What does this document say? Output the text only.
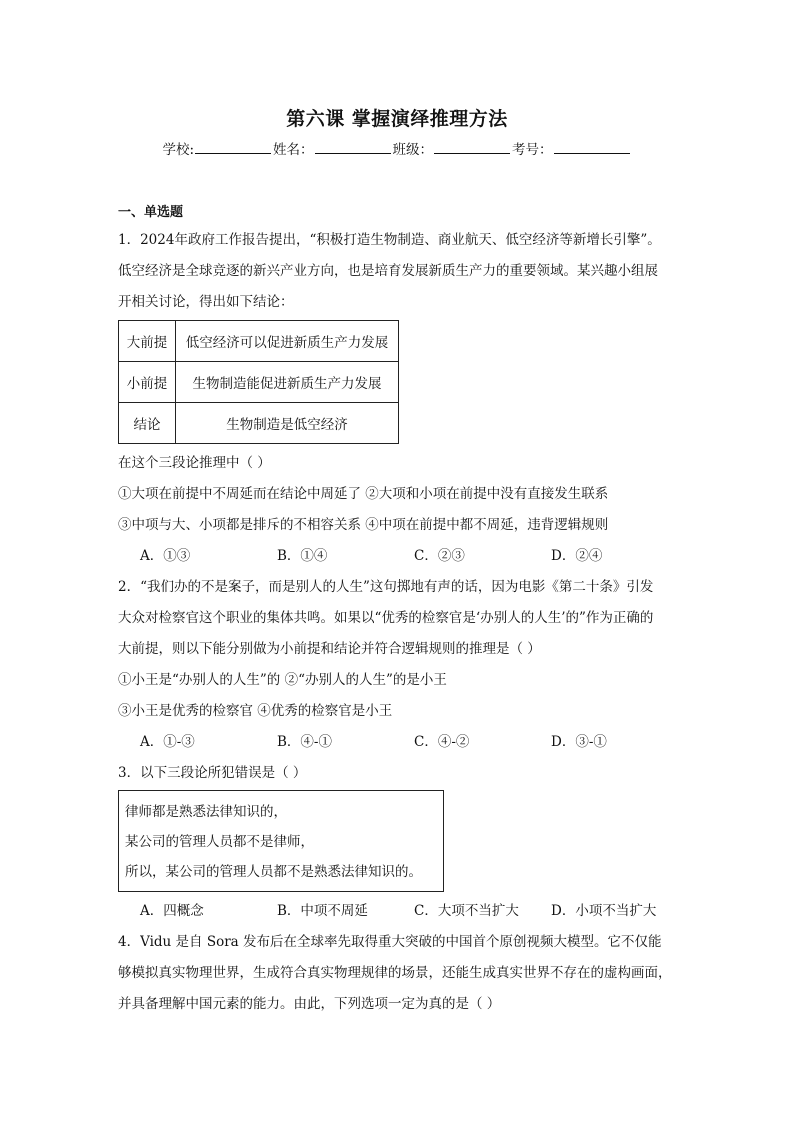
第六课 掌握演绎推理方法
学校:	姓名：	班级：	考号：
一、单选题
1．2024年政府工作报告提出，“积极打造生物制造、商业航天、低空经济等新增长引擎”。
低空经济是全球竞逐的新兴产业方向，也是培育发展新质生产力的重要领域。某兴趣小组展
开相关讨论，得出如下结论：
大前提	低空经济可以促进新质生产力发展
小前提	生物制造能促进新质生产力发展
结论	生物制造是低空经济
在这个三段论推理中（ ）
①大项在前提中不周延而在结论中周延了 ②大项和小项在前提中没有直接发生联系
③中项与大、小项都是排斥的不相容关系 ④中项在前提中都不周延，违背逻辑规则
A．①③	B．①④	C．②③	D．②④
2．“我们办的不是案子，而是别人的人生”这句掷地有声的话，因为电影《第二十条》引发
大众对检察官这个职业的集体共鸣。如果以“优秀的检察官是‘办别人的人生’的”作为正确的
大前提，则以下能分别做为小前提和结论并符合逻辑规则的推理是（ ）
①小王是“办别人的人生”的 ②“办别人的人生”的是小王
③小王是优秀的检察官 ④优秀的检察官是小王
A．①-③	B．④-①	C．④-②	D．③-①
3．以下三段论所犯错误是（ ）
律师都是熟悉法律知识的，
某公司的管理人员都不是律师，
所以，某公司的管理人员都不是熟悉法律知识的。
A．四概念	B．中项不周延	C．大项不当扩大	D．小项不当扩大
4．Vidu 是自 Sora 发布后在全球率先取得重大突破的中国首个原创视频大模型。它不仅能
够模拟真实物理世界，生成符合真实物理规律的场景，还能生成真实世界不存在的虚构画面，
并具备理解中国元素的能力。由此，下列选项一定为真的是（ ）
